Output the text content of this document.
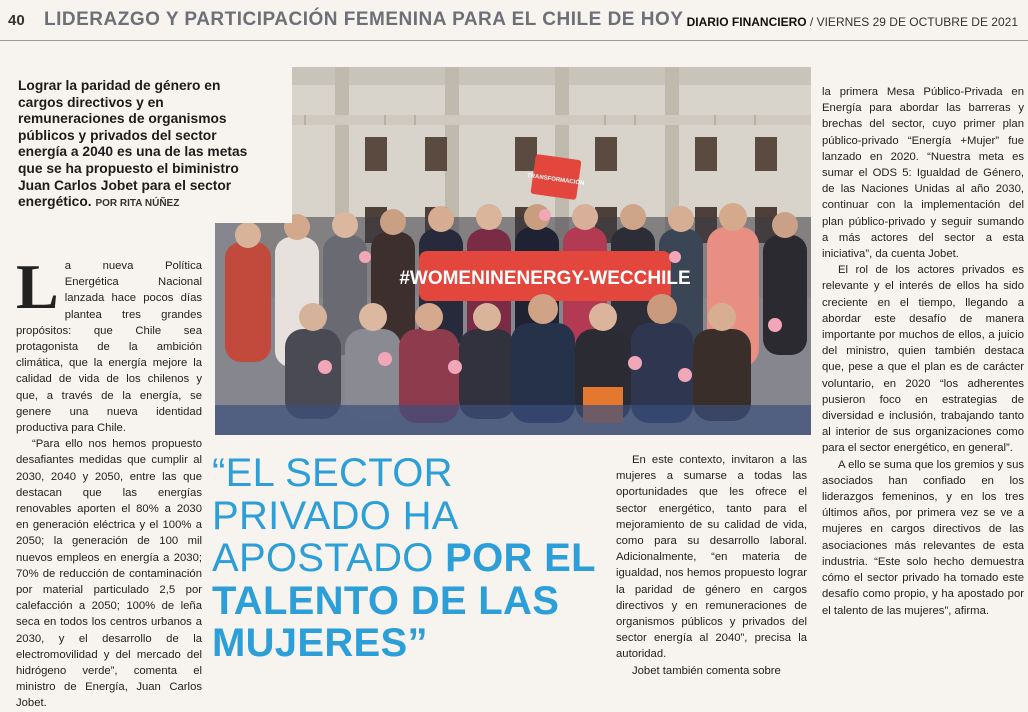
40 LIDERAZGO Y PARTICIPACIÓN FEMENINA PARA EL CHILE DE HOY DIARIO FINANCIERO / VIERNES 29 DE OCTUBRE DE 2021
#WOMENINENERGY-WECCHILE
TRANSFORMACIÓN
Lograr la paridad de género en cargos directivos y en remuneraciones de organismos públicos y privados del sector energía a 2040 es una de las metas que se ha propuesto el biministro Juan Carlos Jobet para el sector energético. POR RITA NÚÑEZ

La nueva Política Energética Nacional lanzada hace pocos días plantea tres grandes propósitos: que Chile sea protagonista de la ambición climática, que la energía mejore la calidad de vida de los chilenos y que, a través de la energía, se genere una nueva identidad productiva para Chile.

“Para ello nos hemos propuesto desafiantes medidas que cumplir al 2030, 2040 y 2050, entre las que destacan que las energías renovables aporten el 80% a 2030 en generación eléctrica y el 100% a 2050; la generación de 100 mil nuevos empleos en energía a 2030; 70% de reducción de contaminación por material particulado 2,5 por calefacción a 2050; 100% de leña seca en todos los centros urbanos a 2030, y el desarrollo de la electromovilidad y del mercado del hidrógeno verde”, comenta el ministro de Energía, Juan Carlos Jobet.

“EL SECTOR PRIVADO HA APOSTADO POR EL TALENTO DE LAS MUJERES”

En este contexto, invitaron a las mujeres a sumarse a todas las oportunidades que les ofrece el sector energético, tanto para el mejoramiento de su calidad de vida, como para su desarrollo laboral. Adicionalmente, “en materia de igualdad, nos hemos propuesto lograr la paridad de género en cargos directivos y en remuneraciones de organismos públicos y privados del sector energía al 2040”, precisa la autoridad.

Jobet también comenta sobre

la primera Mesa Público-Privada en Energía para abordar las barreras y brechas del sector, cuyo primer plan público-privado “Energía +Mujer” fue lanzado en 2020. “Nuestra meta es sumar el ODS 5: Igualdad de Género, de las Naciones Unidas al año 2030, continuar con la implementación del plan público-privado y seguir sumando a más actores del sector a esta iniciativa”, da cuenta Jobet.

El rol de los actores privados es relevante y el interés de ellos ha sido creciente en el tiempo, llegando a abordar este desafío de manera importante por muchos de ellos, a juicio del ministro, quien también destaca que, pese a que el plan es de carácter voluntario, en 2020 “los adherentes pusieron foco en estrategias de diversidad e inclusión, trabajando tanto al interior de sus organizaciones como para el sector energético, en general”.

A ello se suma que los gremios y sus asociados han confiado en los liderazgos femeninos, y en los tres últimos años, por primera vez se ve a mujeres en cargos directivos de las asociaciones más relevantes de esta industria. “Este solo hecho demuestra cómo el sector privado ha tomado este desafío como propio, y ha apostado por el talento de las mujeres”, afirma.
